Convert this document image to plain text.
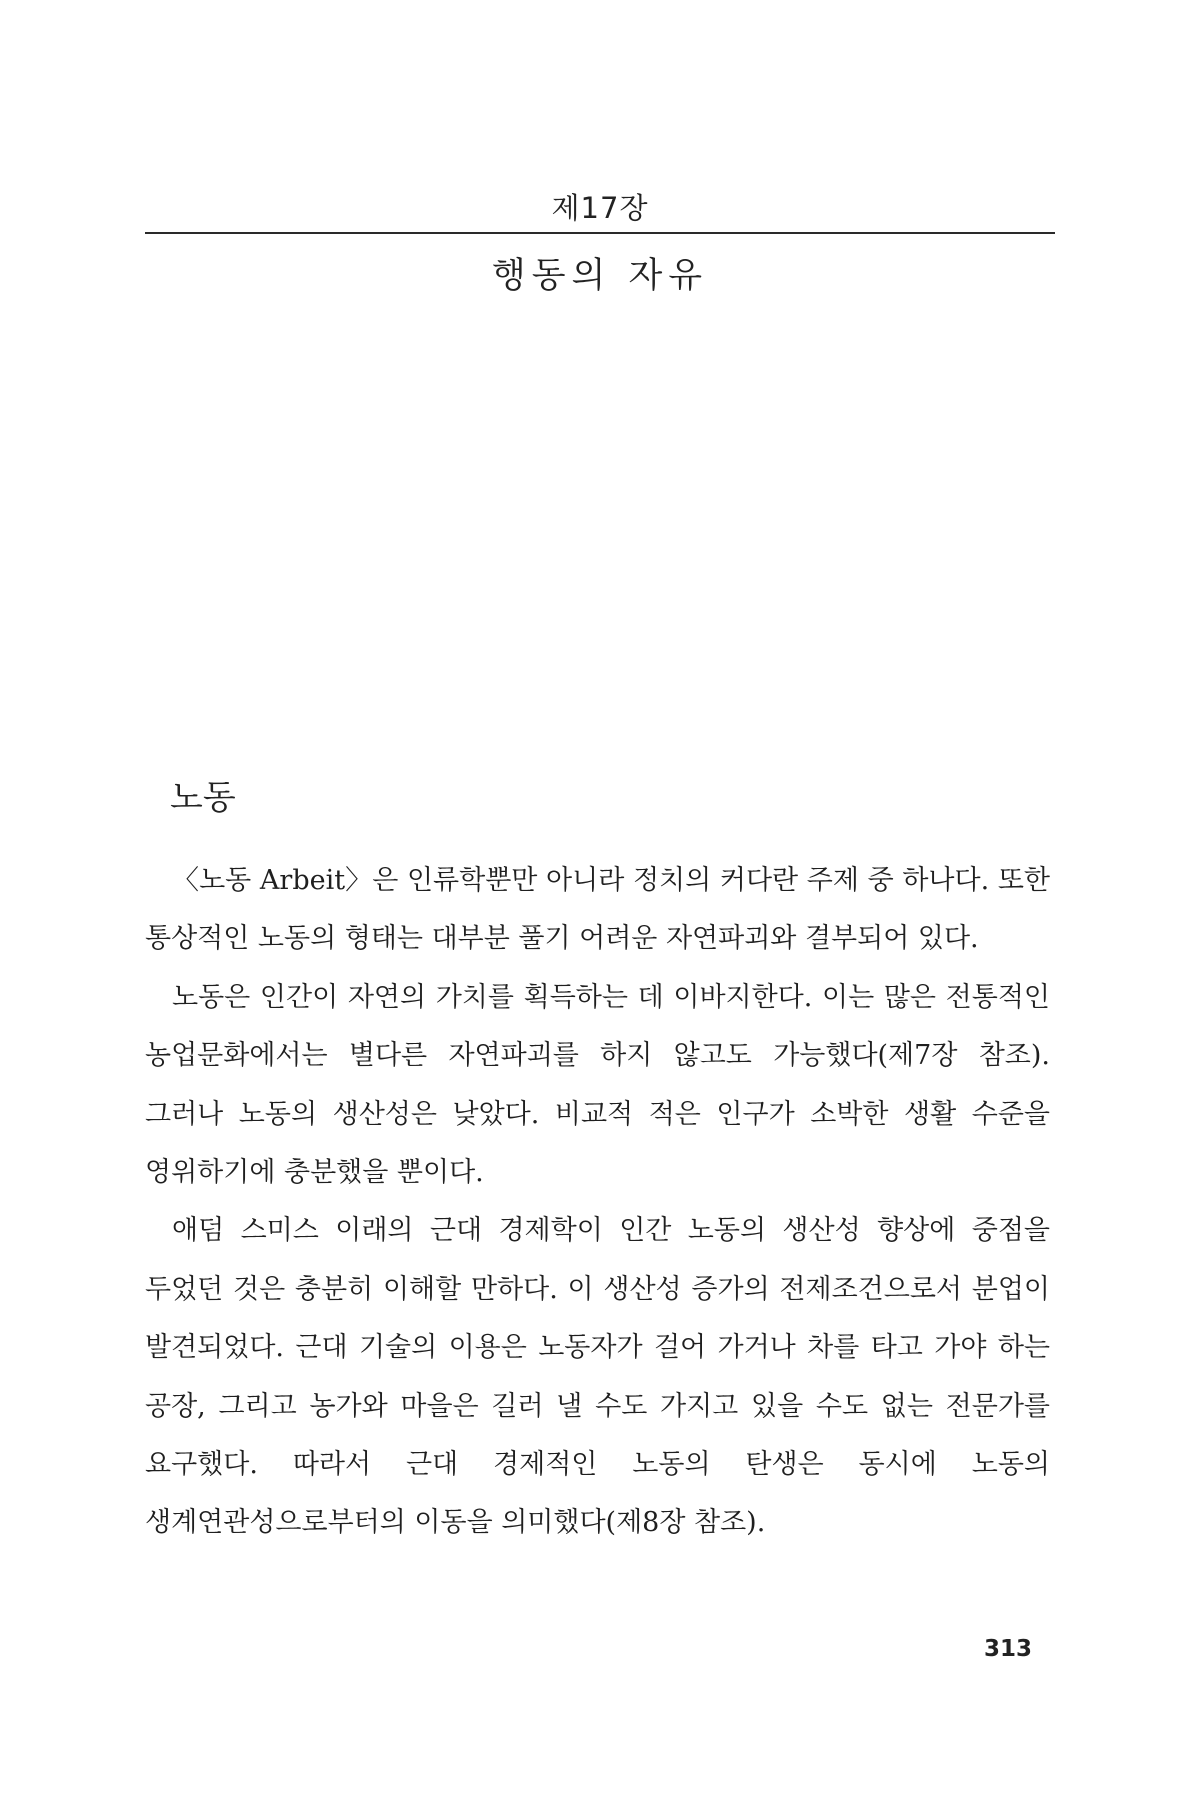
제17장
행동의 자유
노동

〈노동 Arbeit〉은 인류학뿐만 아니라 정치의 커다란 주제 중 하나다. 또한 통상적인 노동의 형태는 대부분 풀기 어려운 자연파괴와 결부되어 있다.

노동은 인간이 자연의 가치를 획득하는 데 이바지한다. 이는 많은 전통적인 농업문화에서는 별다른 자연파괴를 하지 않고도 가능했다(제7장 참조). 그러나 노동의 생산성은 낮았다. 비교적 적은 인구가 소박한 생활 수준을 영위하기에 충분했을 뿐이다.

애덤 스미스 이래의 근대 경제학이 인간 노동의 생산성 향상에 중점을 두었던 것은 충분히 이해할 만하다. 이 생산성 증가의 전제조건으로서 분업이 발견되었다. 근대 기술의 이용은 노동자가 걸어 가거나 차를 타고 가야 하는 공장, 그리고 농가와 마을은 길러 낼 수도 가지고 있을 수도 없는 전문가를 요구했다. 따라서 근대 경제적인 노동의 탄생은 동시에 노동의 생계연관성으로부터의 이동을 의미했다(제8장 참조).

313
